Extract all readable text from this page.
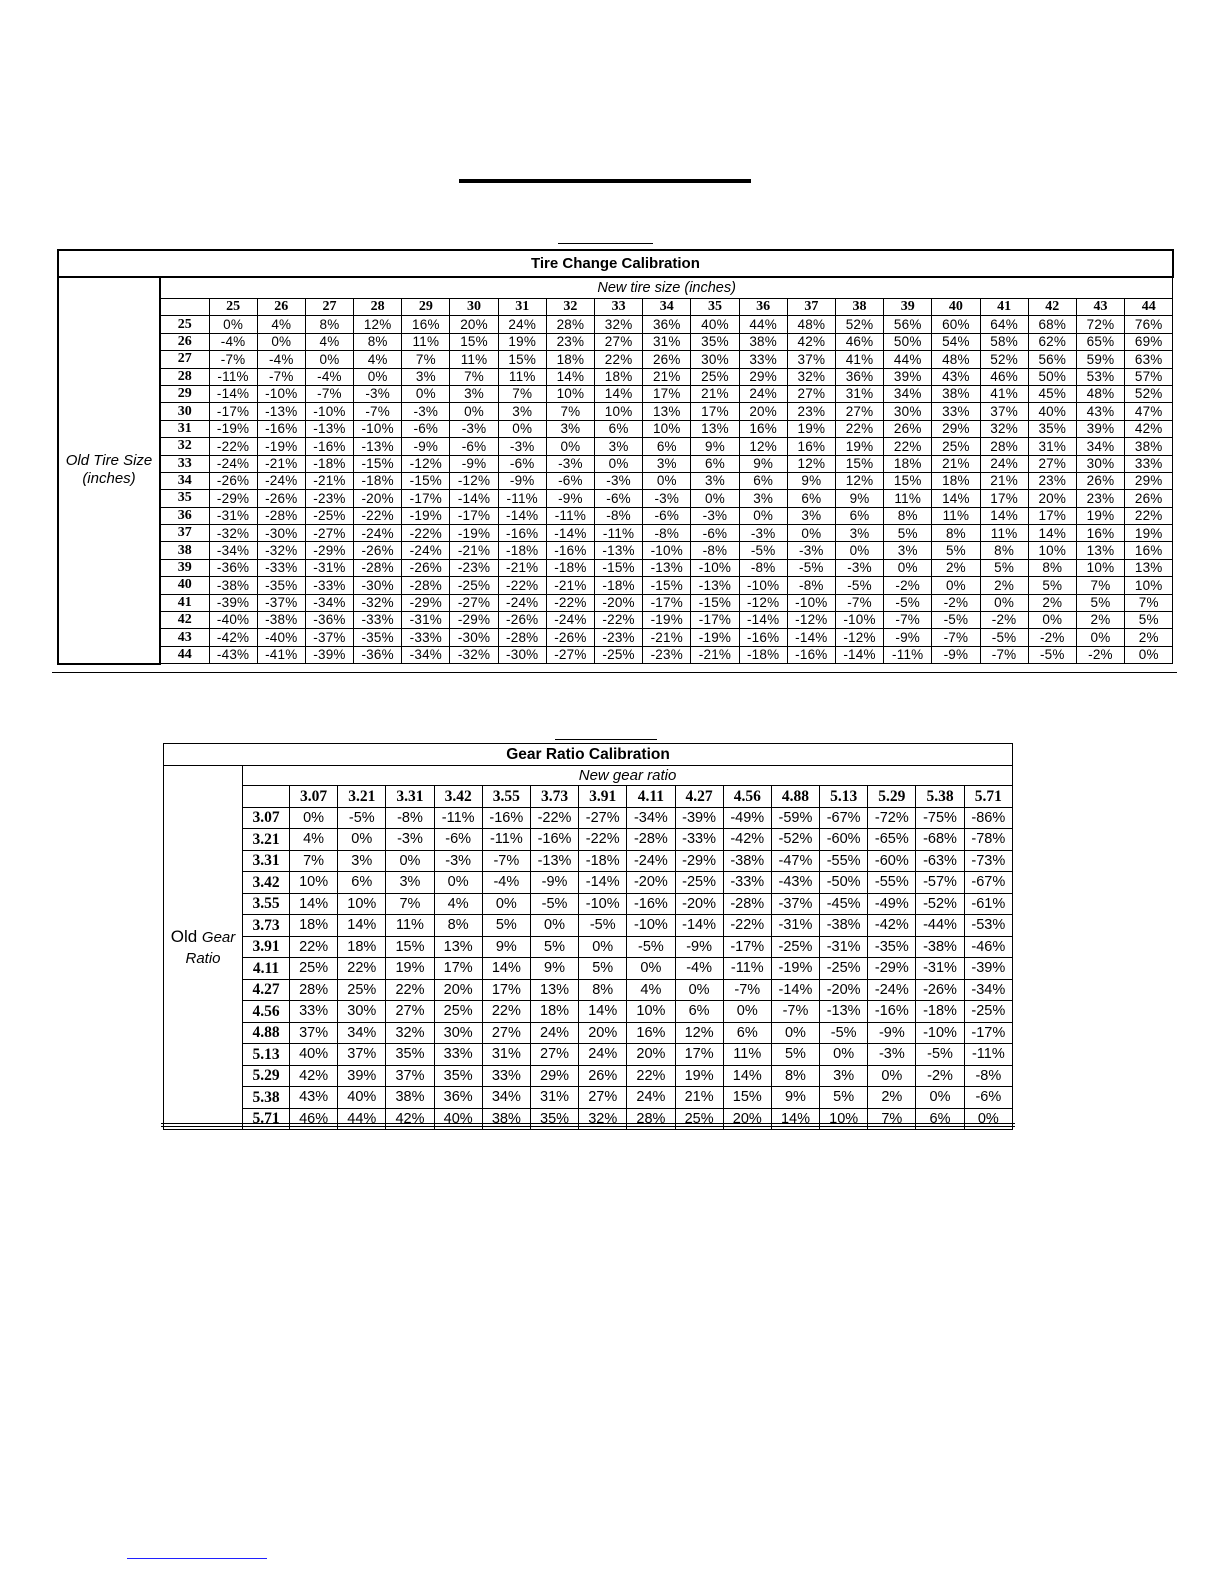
Tire Change Calibration																					
Old Tire Size (inches)	New tire size (inches)																				
		25	26	27	28	29	30	31	32	33	34	35	36	37	38	39	40	41	42	43	44
	25	0%	4%	8%	12%	16%	20%	24%	28%	32%	36%	40%	44%	48%	52%	56%	60%	64%	68%	72%	76%
	26	-4%	0%	4%	8%	11%	15%	19%	23%	27%	31%	35%	38%	42%	46%	50%	54%	58%	62%	65%	69%
	27	-7%	-4%	0%	4%	7%	11%	15%	18%	22%	26%	30%	33%	37%	41%	44%	48%	52%	56%	59%	63%
	28	-11%	-7%	-4%	0%	3%	7%	11%	14%	18%	21%	25%	29%	32%	36%	39%	43%	46%	50%	53%	57%
	29	-14%	-10%	-7%	-3%	0%	3%	7%	10%	14%	17%	21%	24%	27%	31%	34%	38%	41%	45%	48%	52%
	30	-17%	-13%	-10%	-7%	-3%	0%	3%	7%	10%	13%	17%	20%	23%	27%	30%	33%	37%	40%	43%	47%
	31	-19%	-16%	-13%	-10%	-6%	-3%	0%	3%	6%	10%	13%	16%	19%	22%	26%	29%	32%	35%	39%	42%
	32	-22%	-19%	-16%	-13%	-9%	-6%	-3%	0%	3%	6%	9%	12%	16%	19%	22%	25%	28%	31%	34%	38%
	33	-24%	-21%	-18%	-15%	-12%	-9%	-6%	-3%	0%	3%	6%	9%	12%	15%	18%	21%	24%	27%	30%	33%
	34	-26%	-24%	-21%	-18%	-15%	-12%	-9%	-6%	-3%	0%	3%	6%	9%	12%	15%	18%	21%	23%	26%	29%
	35	-29%	-26%	-23%	-20%	-17%	-14%	-11%	-9%	-6%	-3%	0%	3%	6%	9%	11%	14%	17%	20%	23%	26%
	36	-31%	-28%	-25%	-22%	-19%	-17%	-14%	-11%	-8%	-6%	-3%	0%	3%	6%	8%	11%	14%	17%	19%	22%
	37	-32%	-30%	-27%	-24%	-22%	-19%	-16%	-14%	-11%	-8%	-6%	-3%	0%	3%	5%	8%	11%	14%	16%	19%
	38	-34%	-32%	-29%	-26%	-24%	-21%	-18%	-16%	-13%	-10%	-8%	-5%	-3%	0%	3%	5%	8%	10%	13%	16%
	39	-36%	-33%	-31%	-28%	-26%	-23%	-21%	-18%	-15%	-13%	-10%	-8%	-5%	-3%	0%	2%	5%	8%	10%	13%
	40	-38%	-35%	-33%	-30%	-28%	-25%	-22%	-21%	-18%	-15%	-13%	-10%	-8%	-5%	-2%	0%	2%	5%	7%	10%
	41	-39%	-37%	-34%	-32%	-29%	-27%	-24%	-22%	-20%	-17%	-15%	-12%	-10%	-7%	-5%	-2%	0%	2%	5%	7%
	42	-40%	-38%	-36%	-33%	-31%	-29%	-26%	-24%	-22%	-19%	-17%	-14%	-12%	-10%	-7%	-5%	-2%	0%	2%	5%
	43	-42%	-40%	-37%	-35%	-33%	-30%	-28%	-26%	-23%	-21%	-19%	-16%	-14%	-12%	-9%	-7%	-5%	-2%	0%	2%
	44	-43%	-41%	-39%	-36%	-34%	-32%	-30%	-27%	-25%	-23%	-21%	-18%	-16%	-14%	-11%	-9%	-7%	-5%	-2%	0%
Gear Ratio Calibration																
Old Gear
Ratio	New gear ratio															
		3.07	3.21	3.31	3.42	3.55	3.73	3.91	4.11	4.27	4.56	4.88	5.13	5.29	5.38	5.71
	3.07	0%	-5%	-8%	-11%	-16%	-22%	-27%	-34%	-39%	-49%	-59%	-67%	-72%	-75%	-86%
	3.21	4%	0%	-3%	-6%	-11%	-16%	-22%	-28%	-33%	-42%	-52%	-60%	-65%	-68%	-78%
	3.31	7%	3%	0%	-3%	-7%	-13%	-18%	-24%	-29%	-38%	-47%	-55%	-60%	-63%	-73%
	3.42	10%	6%	3%	0%	-4%	-9%	-14%	-20%	-25%	-33%	-43%	-50%	-55%	-57%	-67%
	3.55	14%	10%	7%	4%	0%	-5%	-10%	-16%	-20%	-28%	-37%	-45%	-49%	-52%	-61%
	3.73	18%	14%	11%	8%	5%	0%	-5%	-10%	-14%	-22%	-31%	-38%	-42%	-44%	-53%
	3.91	22%	18%	15%	13%	9%	5%	0%	-5%	-9%	-17%	-25%	-31%	-35%	-38%	-46%
	4.11	25%	22%	19%	17%	14%	9%	5%	0%	-4%	-11%	-19%	-25%	-29%	-31%	-39%
	4.27	28%	25%	22%	20%	17%	13%	8%	4%	0%	-7%	-14%	-20%	-24%	-26%	-34%
	4.56	33%	30%	27%	25%	22%	18%	14%	10%	6%	0%	-7%	-13%	-16%	-18%	-25%
	4.88	37%	34%	32%	30%	27%	24%	20%	16%	12%	6%	0%	-5%	-9%	-10%	-17%
	5.13	40%	37%	35%	33%	31%	27%	24%	20%	17%	11%	5%	0%	-3%	-5%	-11%
	5.29	42%	39%	37%	35%	33%	29%	26%	22%	19%	14%	8%	3%	0%	-2%	-8%
	5.38	43%	40%	38%	36%	34%	31%	27%	24%	21%	15%	9%	5%	2%	0%	-6%
	5.71	46%	44%	42%	40%	38%	35%	32%	28%	25%	20%	14%	10%	7%	6%	0%
